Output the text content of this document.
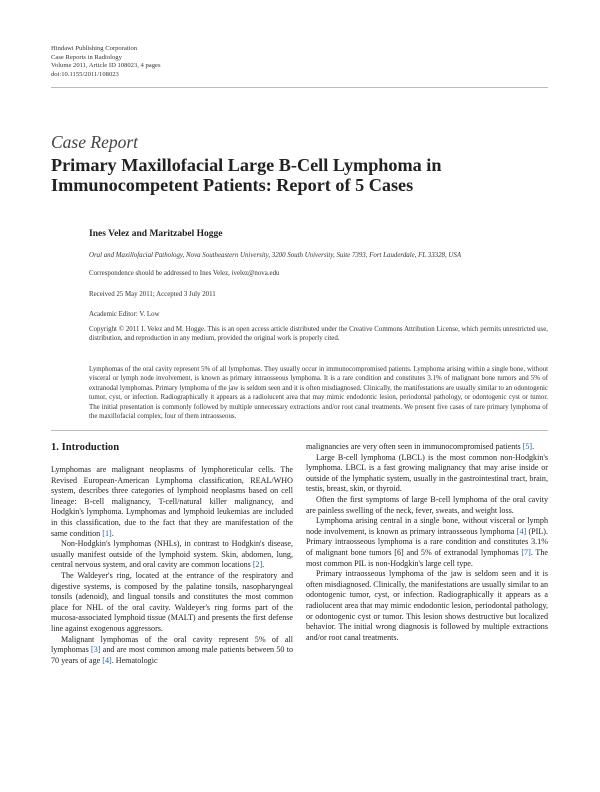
Hindawi Publishing Corporation
Case Reports in Radiology
Volume 2011, Article ID 108023, 4 pages
doi:10.1155/2011/108023
Case Report
Primary Maxillofacial Large B-Cell Lymphoma in Immunocompetent Patients: Report of 5 Cases
Ines Velez and Maritzabel Hogge
Oral and Maxillofacial Pathology, Nova Southeastern University, 3200 South University, Suite 7393, Fort Lauderdale, FL 33328, USA
Correspondence should be addressed to Ines Velez, ivelez@nova.edu
Received 25 May 2011; Accepted 3 July 2011
Academic Editor: V. Low
Copyright © 2011 I. Velez and M. Hogge. This is an open access article distributed under the Creative Commons Attribution License, which permits unrestricted use, distribution, and reproduction in any medium, provided the original work is properly cited.
Lymphomas of the oral cavity represent 5% of all lymphomas. They usually occur in immunocompromised patients. Lymphoma arising within a single bone, without visceral or lymph node involvement, is known as primary intraosseous lymphoma. It is a rare condition and constitutes 3.1% of malignant bone tumors and 5% of extranodal lymphomas. Primary lymphoma of the jaw is seldom seen and it is often misdiagnosed. Clinically, the manifestations are usually similar to an odontogenic tumor, cyst, or infection. Radiographically it appears as a radiolucent area that may mimic endodontic lesion, periodontal pathology, or odontogenic cyst or tumor. The initial presentation is commonly followed by multiple unnecessary extractions and/or root canal treatments. We present five cases of rare primary lymphoma of the maxillofacial complex, four of them intraosseous.
1. Introduction

Lymphomas are malignant neoplasms of lymphoreticular cells. The Revised European-American Lymphoma classification, REAL/WHO system, describes three categories of lymphoid neoplasms based on cell lineage: B-cell malignancy, T-cell/natural killer malignancy, and Hodgkin's lymphoma. Lymphomas and lymphoid leukemias are included in this classification, due to the fact that they are manifestation of the same condition [1].

Non-Hodgkin's lymphomas (NHLs), in contrast to Hodgkin's disease, usually manifest outside of the lymphoid system. Skin, abdomen, lung, central nervous system, and oral cavity are common locations [2].

The Waldeyer's ring, located at the entrance of the respiratory and digestive systems, is composed by the palatine tonsils, nasopharyngeal tonsils (adenoid), and lingual tonsils and constitutes the most common place for NHL of the oral cavity. Waldeyer's ring forms part of the mucosa-associated lymphoid tissue (MALT) and presents the first defense line against exogenous aggressors.

Malignant lymphomas of the oral cavity represent 5% of all lymphomas [3] and are most common among male patients between 50 to 70 years of age [4]. Hematologic

malignancies are very often seen in immunocompromised patients [5].

Large B-cell lymphoma (LBCL) is the most common non-Hodgkin's lymphoma. LBCL is a fast growing malignancy that may arise inside or outside of the lymphatic system, usually in the gastrointestinal tract, brain, testis, breast, skin, or thyroid.

Often the first symptoms of large B-cell lymphoma of the oral cavity are painless swelling of the neck, fever, sweats, and weight loss.

Lymphoma arising central in a single bone, without visceral or lymph node involvement, is known as primary intraosseous lymphoma [4] (PIL). Primary intraosseous lymphoma is a rare condition and constitutes 3.1% of malignant bone tumors [6] and 5% of extranodal lymphomas [7]. The most common PIL is non-Hodgkin's large cell type.

Primary intraosseous lymphoma of the jaw is seldom seen and it is often misdiagnosed. Clinically, the manifestations are usually similar to an odontogenic tumor, cyst, or infection. Radiographically it appears as a radiolucent area that may mimic endodontic lesion, periodontal pathology, or odontogenic cyst or tumor. This lesion shows destructive but localized behavior. The initial wrong diagnosis is followed by multiple extractions and/or root canal treatments.
